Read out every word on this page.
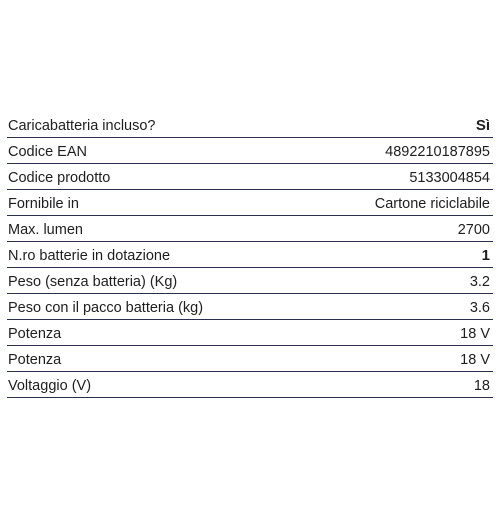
Caricabatteria incluso?	Sì
Codice EAN	4892210187895
Codice prodotto	5133004854
Fornibile in	Cartone riciclabile
Max. lumen	2700
N.ro batterie in dotazione	1
Peso (senza batteria) (Kg)	3.2
Peso con il pacco batteria (kg)	3.6
Potenza	18 V
Potenza	18 V
Voltaggio (V)	18
